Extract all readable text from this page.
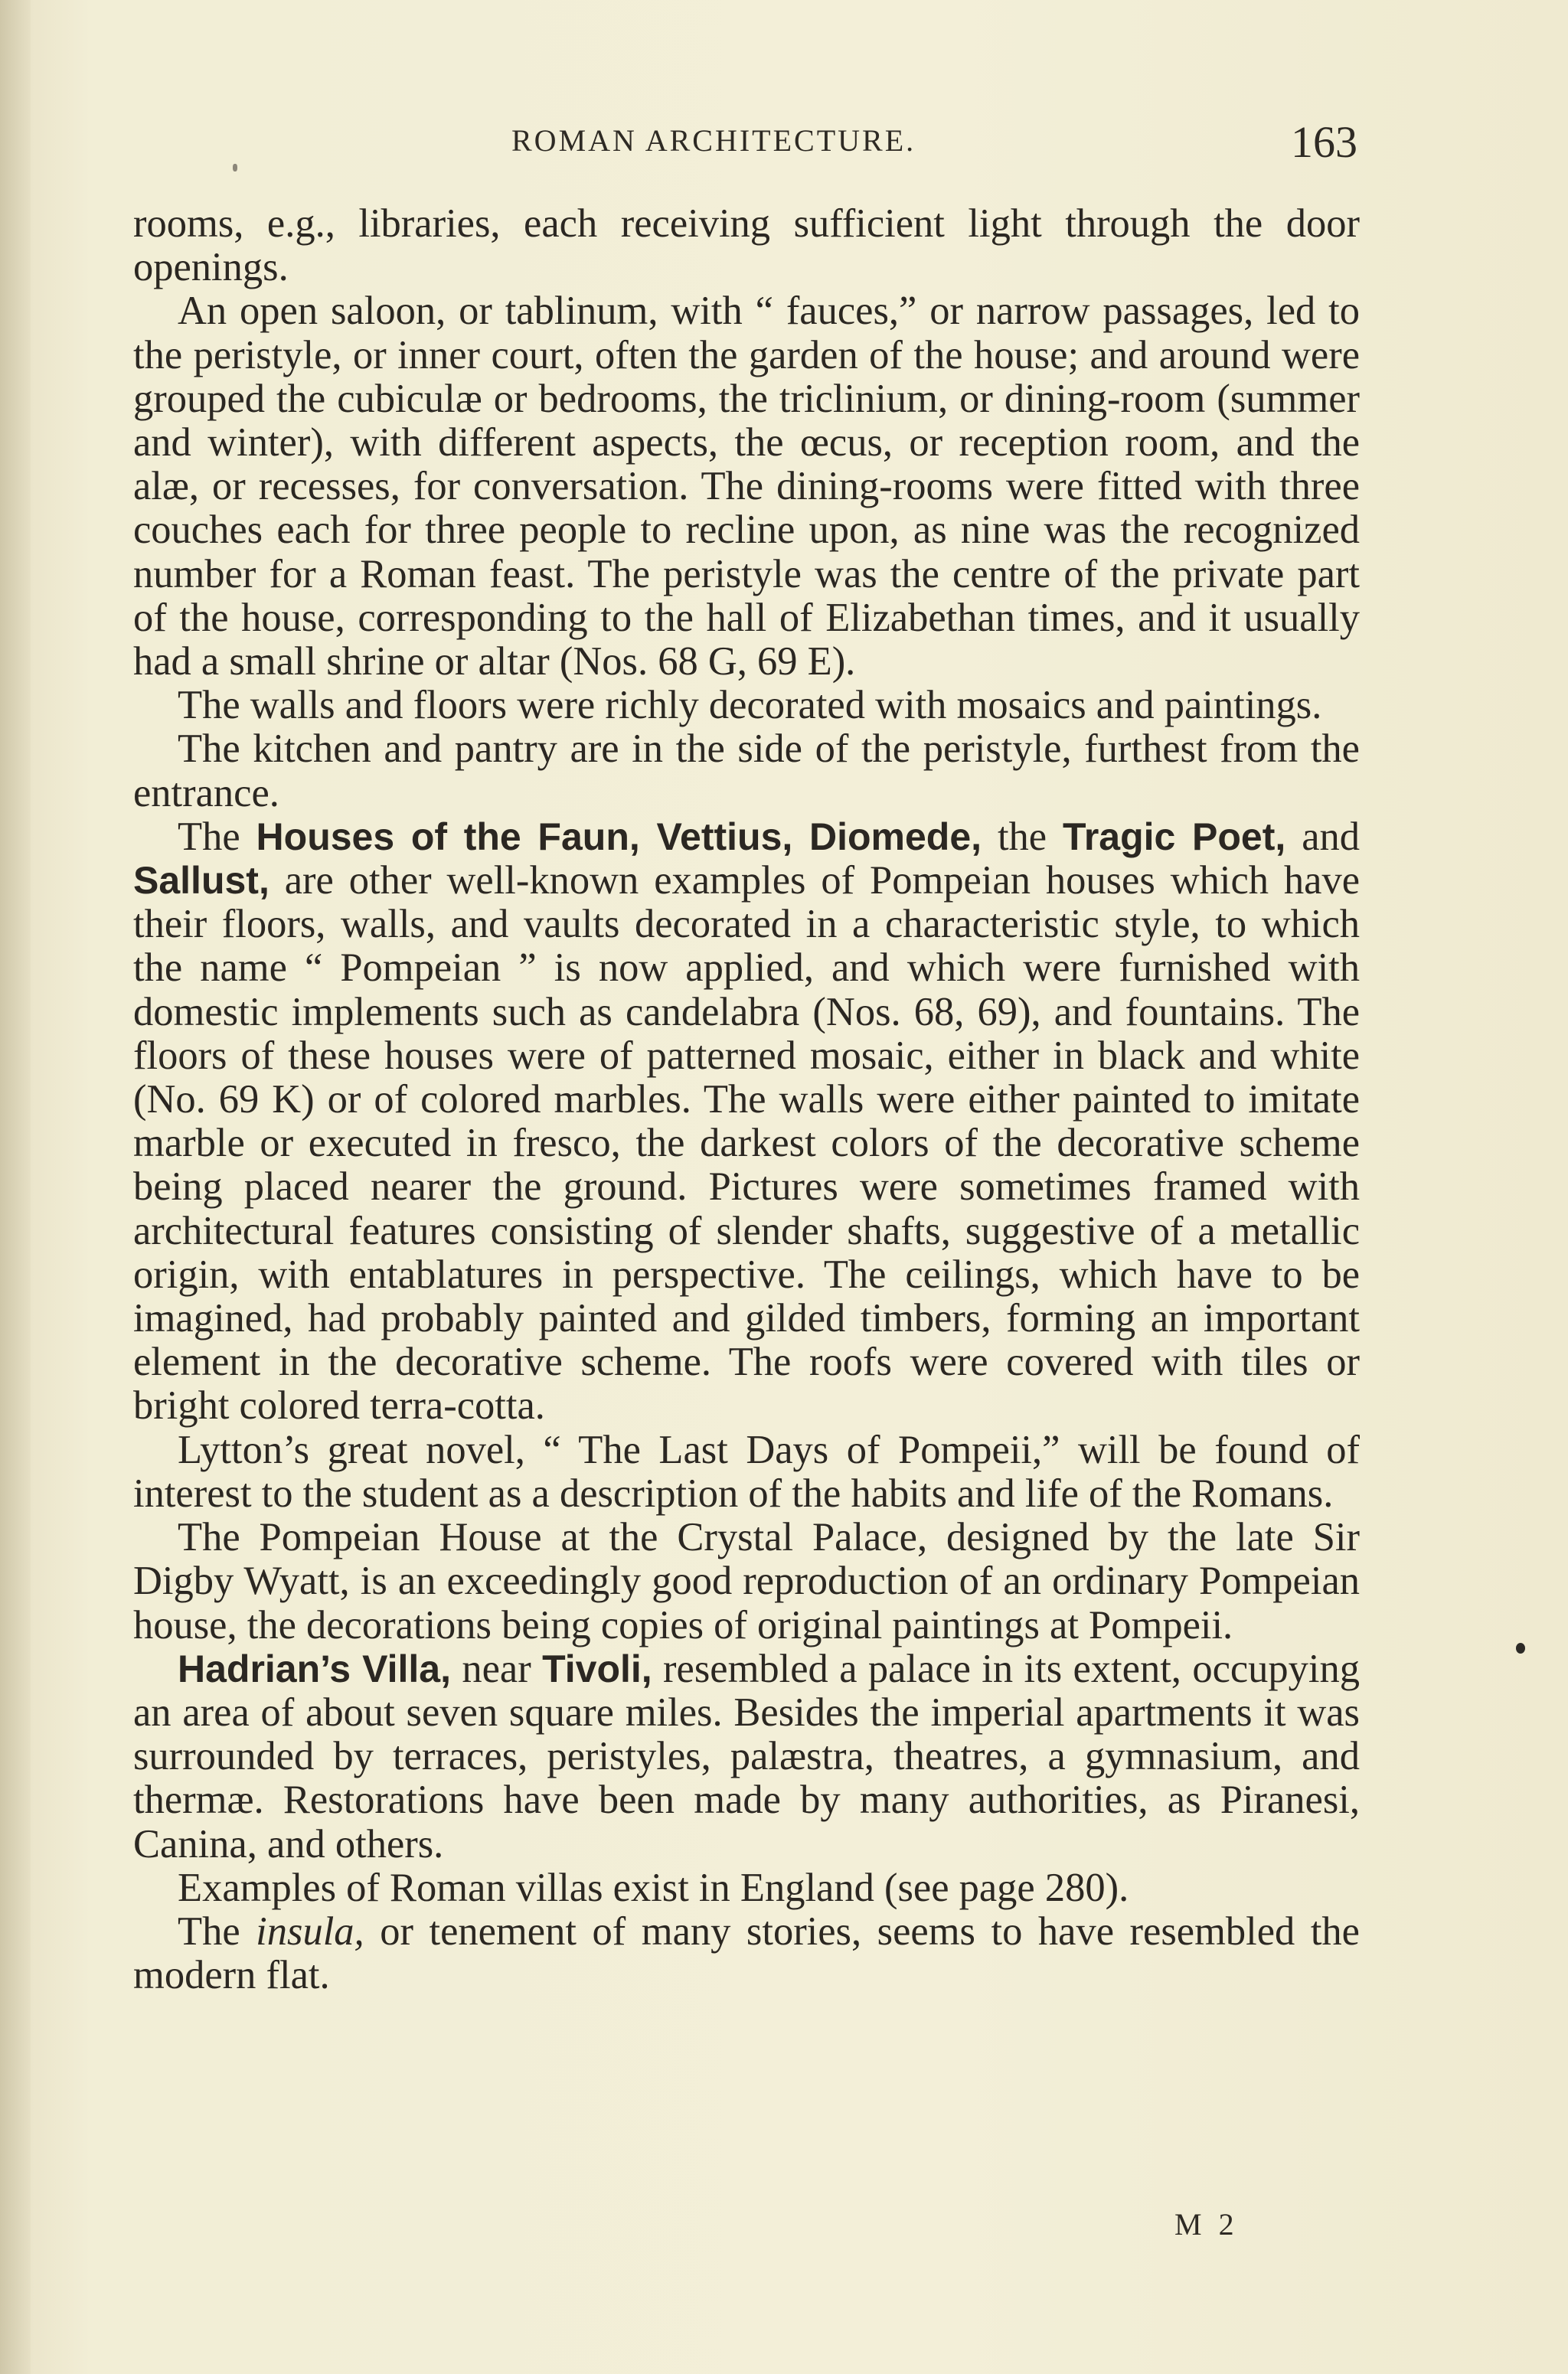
ROMAN ARCHITECTURE.	163

rooms, e.g., libraries, each receiving sufficient light through the door openings.

An open saloon, or tablinum, with “ fauces,” or narrow passages, led to the peristyle, or inner court, often the garden of the house; and around were grouped the cubiculæ or bedrooms, the triclinium, or dining-room (summer and winter), with different aspects, the œcus, or reception room, and the alæ, or recesses, for conversation. The dining-rooms were fitted with three couches each for three people to recline upon, as nine was the recognized number for a Roman feast. The peristyle was the centre of the private part of the house, corresponding to the hall of Elizabethan times, and it usually had a small shrine or altar (Nos. 68 G, 69 E).

The walls and floors were richly decorated with mosaics and paintings.

The kitchen and pantry are in the side of the peristyle, furthest from the entrance.

The Houses of the Faun, Vettius, Diomede, the Tragic Poet, and Sallust, are other well-known examples of Pompeian houses which have their floors, walls, and vaults decorated in a characteristic style, to which the name “ Pompeian ” is now applied, and which were furnished with domestic implements such as candelabra (Nos. 68, 69), and fountains. The floors of these houses were of patterned mosaic, either in black and white (No. 69 K) or of colored marbles. The walls were either painted to imitate marble or executed in fresco, the darkest colors of the decorative scheme being placed nearer the ground. Pictures were sometimes framed with architectural features consisting of slender shafts, suggestive of a metallic origin, with entablatures in perspective. The ceilings, which have to be imagined, had probably painted and gilded timbers, forming an important element in the decorative scheme. The roofs were covered with tiles or bright colored terra-cotta.

Lytton’s great novel, “ The Last Days of Pompeii,” will be found of interest to the student as a description of the habits and life of the Romans.

The Pompeian House at the Crystal Palace, designed by the late Sir Digby Wyatt, is an exceedingly good reproduction of an ordinary Pompeian house, the decorations being copies of original paintings at Pompeii.

Hadrian’s Villa, near Tivoli, resembled a palace in its extent, occupying an area of about seven square miles. Besides the imperial apartments it was surrounded by terraces, peristyles, palæstra, theatres, a gymnasium, and thermæ. Restorations have been made by many authorities, as Piranesi, Canina, and others.

Examples of Roman villas exist in England (see page 280).

The insula, or tenement of many stories, seems to have resembled the modern flat.

M 2
